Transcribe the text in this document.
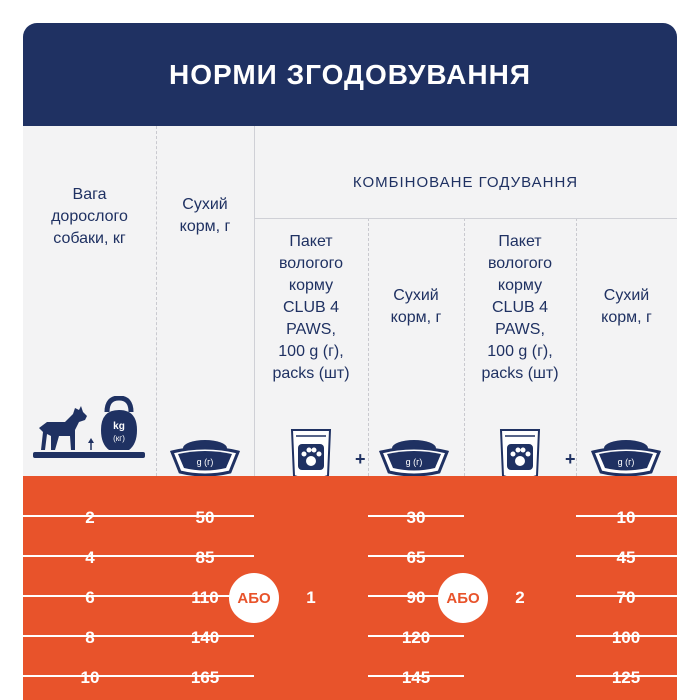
НОРМИ ЗГОДОВУВАННЯ
Вага
дорослого
собаки, кг
Сухий
корм, г
КОМБІНОВАНЕ ГОДУВАННЯ
Пакет
вологого
корму
CLUB 4
PAWS,
100 g (г),
packs (шт)
Сухий
корм, г
Пакет
вологого
корму
CLUB 4
PAWS,
100 g (г),
packs (шт)
Сухий
корм, г
kg
(кг)
g (г)	+	g (г)	+	g (г)
2	50	30	10
4	85	65	45
6	110	90	70
8	140	120	100
10	165	145	125
1	2
АБО	АБО
